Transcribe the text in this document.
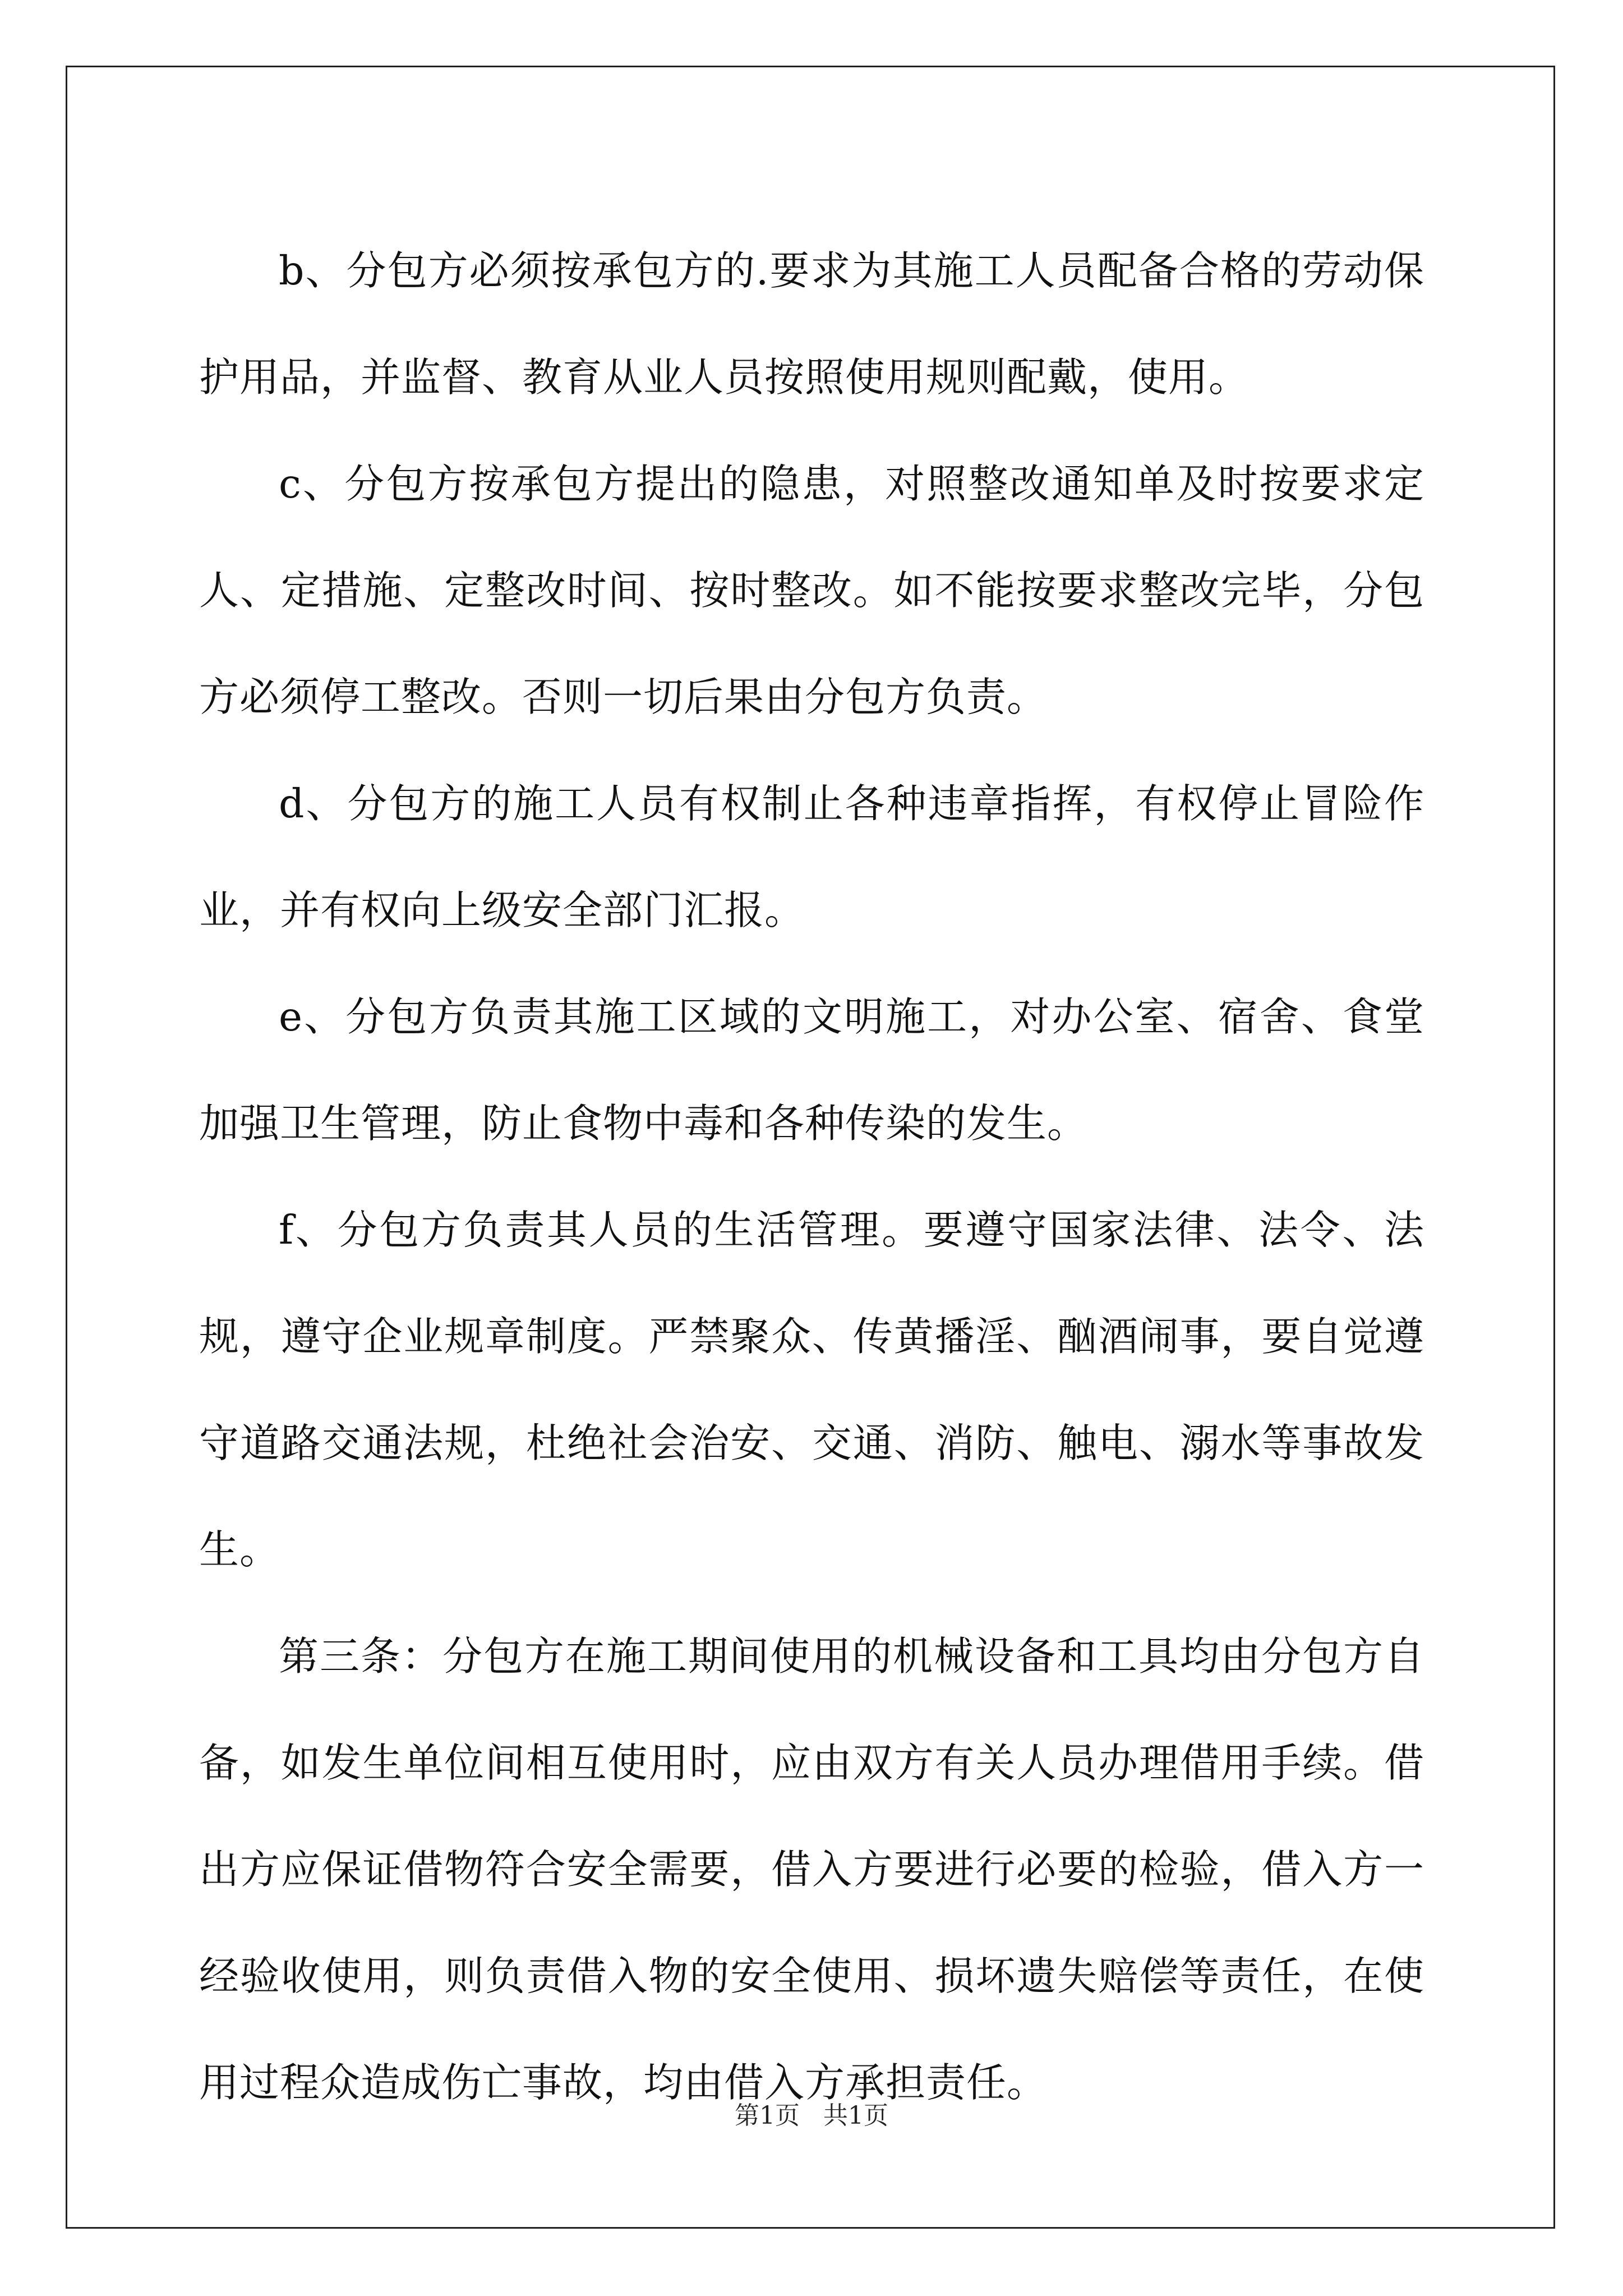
b、分包方必须按承包方的.要求为其施工人员配备合格的劳动保护用品，并监督、教育从业人员按照使用规则配戴，使用。

c、分包方按承包方提出的隐患，对照整改通知单及时按要求定人、定措施、定整改时间、按时整改。如不能按要求整改完毕，分包方必须停工整改。否则一切后果由分包方负责。

d、分包方的施工人员有权制止各种违章指挥，有权停止冒险作业，并有权向上级安全部门汇报。

e、分包方负责其施工区域的文明施工，对办公室、宿舍、食堂加强卫生管理，防止食物中毒和各种传染的发生。

f、分包方负责其人员的生活管理。要遵守国家法律、法令、法规，遵守企业规章制度。严禁聚众、传黄播淫、酗酒闹事，要自觉遵守道路交通法规，杜绝社会治安、交通、消防、触电、溺水等事故发生。

第三条：分包方在施工期间使用的机械设备和工具均由分包方自备，如发生单位间相互使用时，应由双方有关人员办理借用手续。借出方应保证借物符合安全需要，借入方要进行必要的检验，借入方一经验收使用，则负责借入物的安全使用、损坏遗失赔偿等责任，在使用过程众造成伤亡事故，均由借入方承担责任。

第1页   共1页
